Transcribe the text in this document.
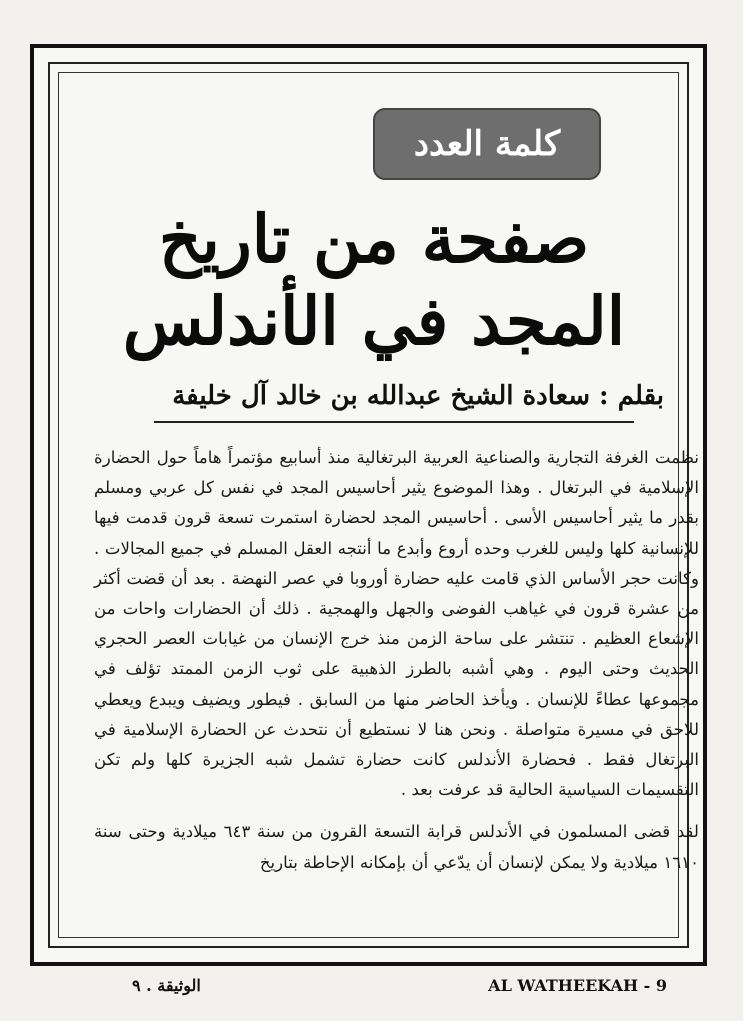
كلمة العدد
صفحة من تاريخ
المجد في الأندلس
بقلم : سعادة الشيخ عبدالله بن خالد آل خليفة

نظمت الغرفة التجارية والصناعية العربية البرتغالية منذ أسابيع مؤتمراً هاماً حول الحضارة الإسلامية في البرتغال . وهذا الموضوع يثير أحاسيس المجد في نفس كل عربي ومسلم بقدر ما يثير أحاسيس الأسى . أحاسيس المجد لحضارة استمرت تسعة قرون قدمت فيها للإنسانية كلها وليس للغرب وحده أروع وأبدع ما أنتجه العقل المسلم في جميع المجالات . وكانت حجر الأساس الذي قامت عليه حضارة أوروبا في عصر النهضة . بعد أن قضت أكثر من عشرة قرون في غياهب الفوضى والجهل والهمجية . ذلك أن الحضارات واحات من الإشعاع العظيم . تنتشر على ساحة الزمن منذ خرج الإنسان من غيابات العصر الحجري الحديث وحتى اليوم . وهي أشبه بالطرز الذهبية على ثوب الزمن الممتد تؤلف في مجموعها عطاءً للإنسان . ويأخذ الحاضر منها من السابق . فيطور ويضيف ويبدع ويعطي للاحق في مسيرة متواصلة . ونحن هنا لا نستطيع أن نتحدث عن الحضارة الإسلامية في البرتغال فقط . فحضارة الأندلس كانت حضارة تشمل شبه الجزيرة كلها ولم تكن التقسيمات السياسية الحالية قد عرفت بعد .

لقد قضى المسلمون في الأندلس قرابة التسعة القرون من سنة ٦٤٣ ميلادية وحتى سنة ١٦١٠ ميلادية ولا يمكن لإنسان أن يدّعي أن بإمكانه الإحاطة بتاريخ

AL WATHEEKAH - 9
الوثيقة . ٩
